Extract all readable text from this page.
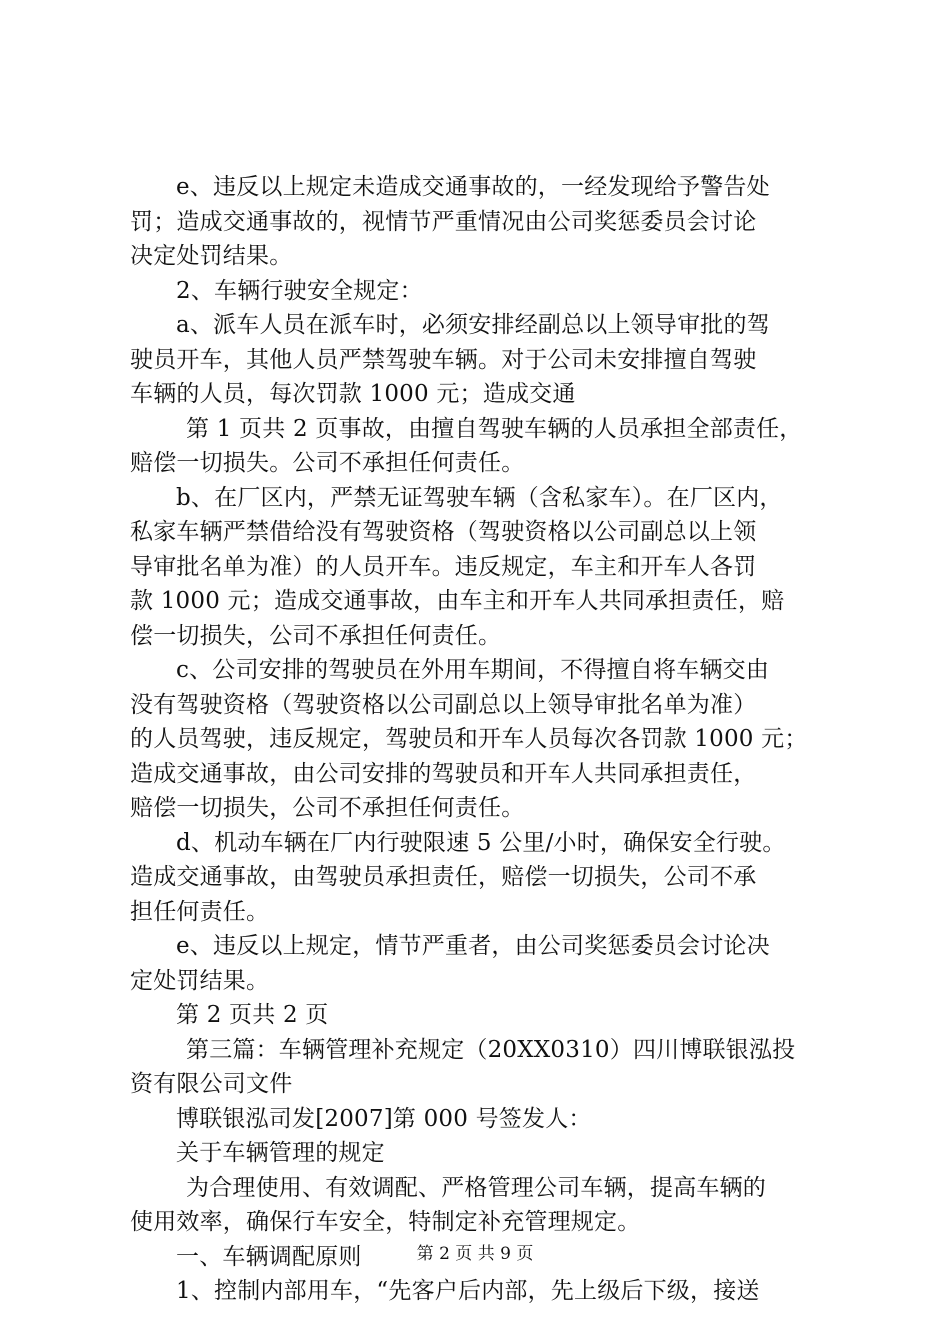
e、违反以上规定未造成交通事故的，一经发现给予警告处
罚；造成交通事故的，视情节严重情况由公司奖惩委员会讨论
决定处罚结果。
2、车辆行驶安全规定：
a、派车人员在派车时，必须安排经副总以上领导审批的驾
驶员开车，其他人员严禁驾驶车辆。对于公司未安排擅自驾驶
车辆的人员，每次罚款 1000 元；造成交通
第 1 页共 2 页事故，由擅自驾驶车辆的人员承担全部责任，
赔偿一切损失。公司不承担任何责任。
b、在厂区内，严禁无证驾驶车辆（含私家车）。在厂区内，
私家车辆严禁借给没有驾驶资格（驾驶资格以公司副总以上领
导审批名单为准）的人员开车。违反规定，车主和开车人各罚
款 1000 元；造成交通事故，由车主和开车人共同承担责任，赔
偿一切损失，公司不承担任何责任。
c、公司安排的驾驶员在外用车期间，不得擅自将车辆交由
没有驾驶资格（驾驶资格以公司副总以上领导审批名单为准）
的人员驾驶，违反规定，驾驶员和开车人员每次各罚款 1000 元；
造成交通事故，由公司安排的驾驶员和开车人共同承担责任，
赔偿一切损失，公司不承担任何责任。
d、机动车辆在厂内行驶限速 5 公里/小时，确保安全行驶。
造成交通事故，由驾驶员承担责任，赔偿一切损失，公司不承
担任何责任。
e、违反以上规定，情节严重者，由公司奖惩委员会讨论决
定处罚结果。
第 2 页共 2 页
第三篇：车辆管理补充规定（20XX0310）四川博联银泓投
资有限公司文件
博联银泓司发[2007]第 000 号签发人：
关于车辆管理的规定
为合理使用、有效调配、严格管理公司车辆，提高车辆的
使用效率，确保行车安全，特制定补充管理规定。
一、车辆调配原则
1、控制内部用车，“先客户后内部，先上级后下级，接送
第 2 页 共 9 页
